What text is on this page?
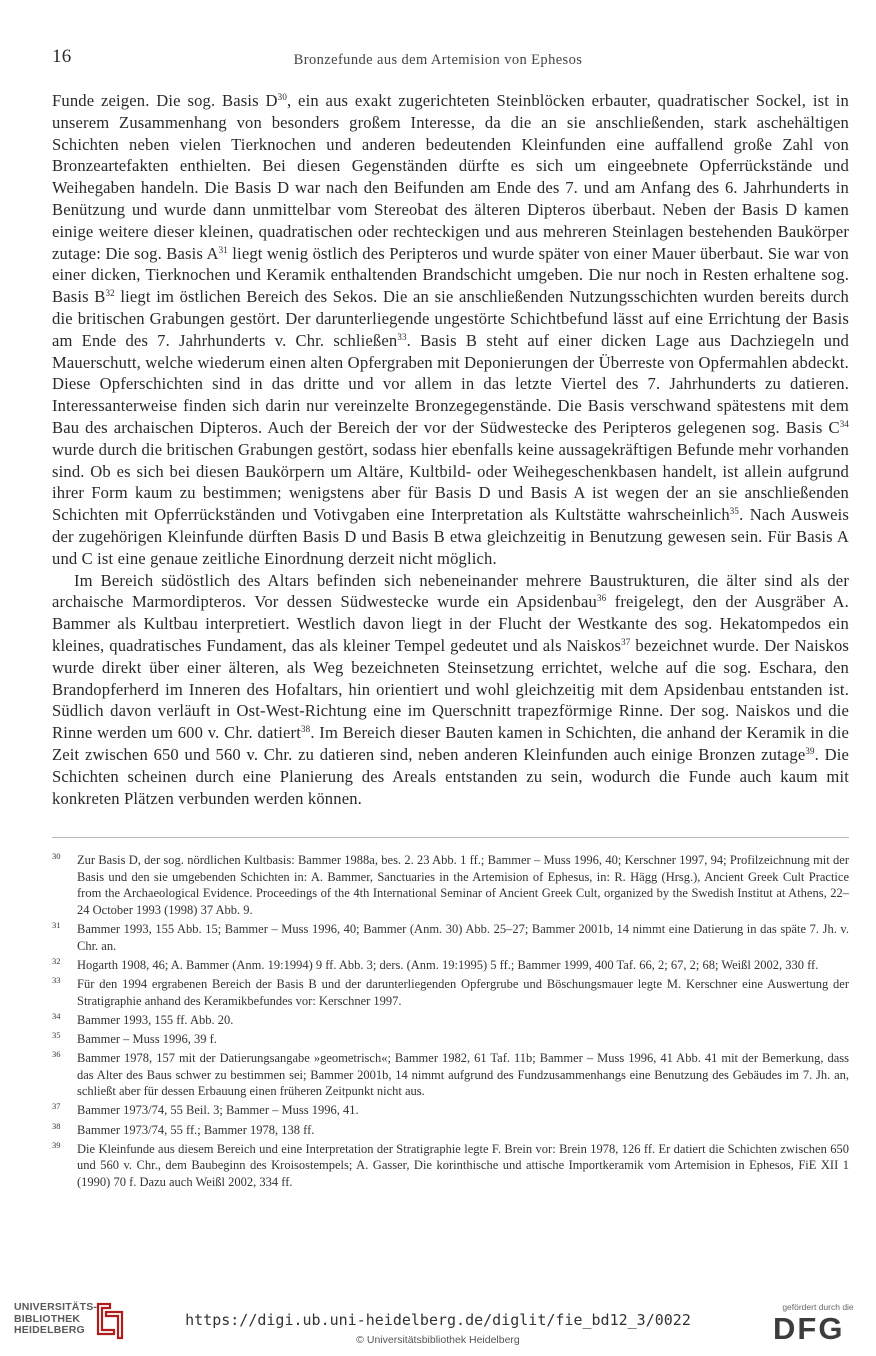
16	Bronzefunde aus dem Artemision von Ephesos

Funde zeigen. Die sog. Basis $D^{30}$, ein aus exakt zugerichteten Steinblöcken erbauter, quadratischer Sockel, ist in unserem Zusammenhang von besonders großem Interesse, da die an sie anschließenden, stark aschehältigen Schichten neben vielen Tierknochen und anderen bedeutenden Kleinfunden eine auffallend große Zahl von Bronzeartefakten enthielten. Bei diesen Gegenständen dürfte es sich um eingeebnete Opferrückstände und Weihegaben handeln. Die Basis D war nach den Beifunden am Ende des 7. und am Anfang des 6. Jahrhunderts in Benützung und wurde dann unmittelbar vom Stereobat des älteren Dipteros überbaut. Neben der Basis D kamen einige weitere dieser kleinen, quadratischen oder rechteckigen und aus mehreren Steinlagen bestehenden Baukörper zutage: Die sog. Basis $A^{31}$ liegt wenig östlich des Peripteros und wurde später von einer Mauer überbaut. Sie war von einer dicken, Tierknochen und Keramik enthaltenden Brandschicht umgeben. Die nur noch in Resten erhaltene sog. Basis $B^{32}$ liegt im östlichen Bereich des Sekos. Die an sie anschließenden Nutzungsschichten wurden bereits durch die britischen Grabungen gestört. Der darunterliegende ungestörte Schichtbefund lässt auf eine Errichtung der Basis am Ende des 7. Jahrhunderts v. Chr. schließen$^{33}$. Basis B steht auf einer dicken Lage aus Dachziegeln und Mauerschutt, welche wiederum einen alten Opfergraben mit Deponierungen der Überreste von Opfermahlen abdeckt. Diese Opferschichten sind in das dritte und vor allem in das letzte Viertel des 7. Jahrhunderts zu datieren. Interessanterweise finden sich darin nur vereinzelte Bronzegegenstände. Die Basis verschwand spätestens mit dem Bau des archaischen Dipteros. Auch der Bereich der vor der Südwestecke des Peripteros gelegenen sog. Basis $C^{34}$ wurde durch die britischen Grabungen gestört, sodass hier ebenfalls keine aussagekräftigen Befunde mehr vorhanden sind. Ob es sich bei diesen Baukörpern um Altäre, Kultbild- oder Weihegeschenkbasen handelt, ist allein aufgrund ihrer Form kaum zu bestimmen; wenigstens aber für Basis D und Basis A ist wegen der an sie anschließenden Schichten mit Opferrückständen und Votivgaben eine Interpretation als Kultstätte wahrscheinlich$^{35}$. Nach Ausweis der zugehörigen Kleinfunde dürften Basis D und Basis B etwa gleichzeitig in Benutzung gewesen sein. Für Basis A und C ist eine genaue zeitliche Einordnung derzeit nicht möglich.

Im Bereich südöstlich des Altars befinden sich nebeneinander mehrere Baustrukturen, die älter sind als der archaische Marmordipteros. Vor dessen Südwestecke wurde ein Apsidenbau$^{36}$ freigelegt, den der Ausgräber A. Bammer als Kultbau interpretiert. Westlich davon liegt in der Flucht der Westkante des sog. Hekatompedos ein kleines, quadratisches Fundament, das als kleiner Tempel gedeutet und als Naiskos$^{37}$ bezeichnet wurde. Der Naiskos wurde direkt über einer älteren, als Weg bezeichneten Steinsetzung errichtet, welche auf die sog. Eschara, den Brandopferherd im Inneren des Hofaltars, hin orientiert und wohl gleichzeitig mit dem Apsidenbau entstanden ist. Südlich davon verläuft in Ost-West-Richtung eine im Querschnitt trapezförmige Rinne. Der sog. Naiskos und die Rinne werden um 600 v. Chr. datiert$^{38}$. Im Bereich dieser Bauten kamen in Schichten, die anhand der Keramik in die Zeit zwischen 650 und 560 v. Chr. zu datieren sind, neben anderen Kleinfunden auch einige Bronzen zutage$^{39}$. Die Schichten scheinen durch eine Planierung des Areals entstanden zu sein, wodurch die Funde auch kaum mit konkreten Plätzen verbunden werden können.

30	Zur Basis D, der sog. nördlichen Kultbasis: Bammer 1988a, bes. 2. 23 Abb. 1 ff.; Bammer – Muss 1996, 40; Kerschner 1997, 94; Profilzeichnung mit der Basis und den sie umgebenden Schichten in: A. Bammer, Sanctuaries in the Artemision of Ephesus, in: R. Hägg (Hrsg.), Ancient Greek Cult Practice from the Archaeological Evidence. Proceedings of the 4th International Seminar of Ancient Greek Cult, organized by the Swedish Institut at Athens, 22–24 October 1993 (1998) 37 Abb. 9.
31	Bammer 1993, 155 Abb. 15; Bammer – Muss 1996, 40; Bammer (Anm. 30) Abb. 25–27; Bammer 2001b, 14 nimmt eine Datierung in das späte 7. Jh. v. Chr. an.
32	Hogarth 1908, 46; A. Bammer (Anm. 19:1994) 9 ff. Abb. 3; ders. (Anm. 19:1995) 5 ff.; Bammer 1999, 400 Taf. 66, 2; 67, 2; 68; Weißl 2002, 330 ff.
33	Für den 1994 ergrabenen Bereich der Basis B und der darunterliegenden Opfergrube und Böschungsmauer legte M. Kerschner eine Auswertung der Stratigraphie anhand des Keramikbefundes vor: Kerschner 1997.
34	Bammer 1993, 155 ff. Abb. 20.
35	Bammer – Muss 1996, 39 f.
36	Bammer 1978, 157 mit der Datierungsangabe »geometrisch«; Bammer 1982, 61 Taf. 11b; Bammer – Muss 1996, 41 Abb. 41 mit der Bemerkung, dass das Alter des Baus schwer zu bestimmen sei; Bammer 2001b, 14 nimmt aufgrund des Fundzusammenhangs eine Benutzung des Gebäudes im 7. Jh. an, schließt aber für dessen Erbauung einen früheren Zeitpunkt nicht aus.
37	Bammer 1973/74, 55 Beil. 3; Bammer – Muss 1996, 41.
38	Bammer 1973/74, 55 ff.; Bammer 1978, 138 ff.
39	Die Kleinfunde aus diesem Bereich und eine Interpretation der Stratigraphie legte F. Brein vor: Brein 1978, 126 ff. Er datiert die Schichten zwischen 650 und 560 v. Chr., dem Baubeginn des Kroisostempels; A. Gasser, Die korinthische und attische Importkeramik vom Artemision in Ephesos, FiE XII 1 (1990) 70 f. Dazu auch Weißl 2002, 334 ff.
UNIVERSITÄTS-
BIBLIOTHEK
HEIDELBERG
https://digi.ub.uni-heidelberg.de/diglit/fie_bd12_3/0022
© Universitätsbibliothek Heidelberg
gefördert durch die
DFG
